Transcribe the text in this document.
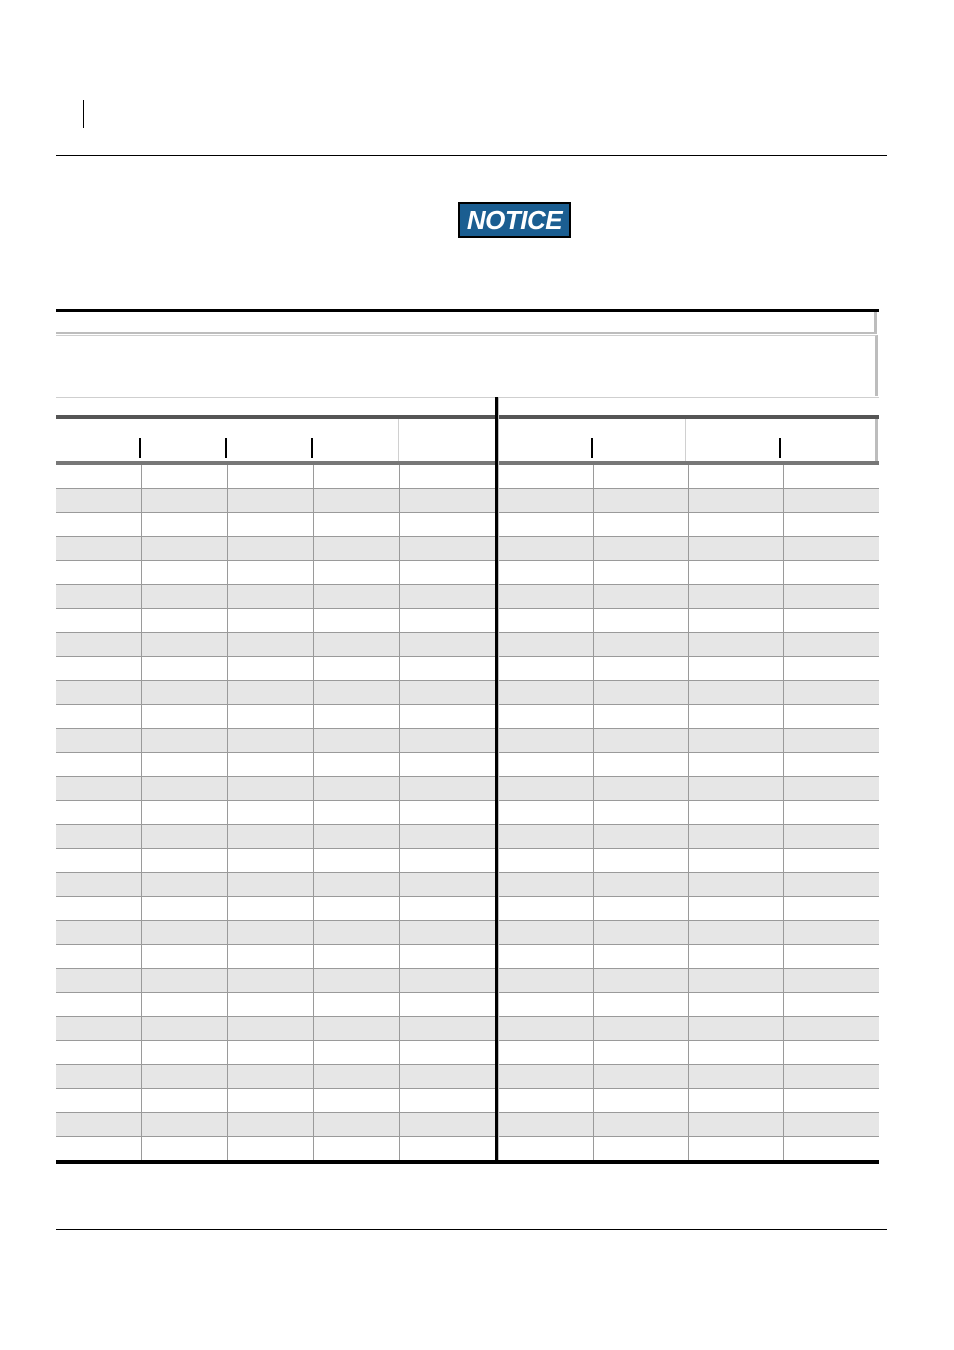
NOTICE
